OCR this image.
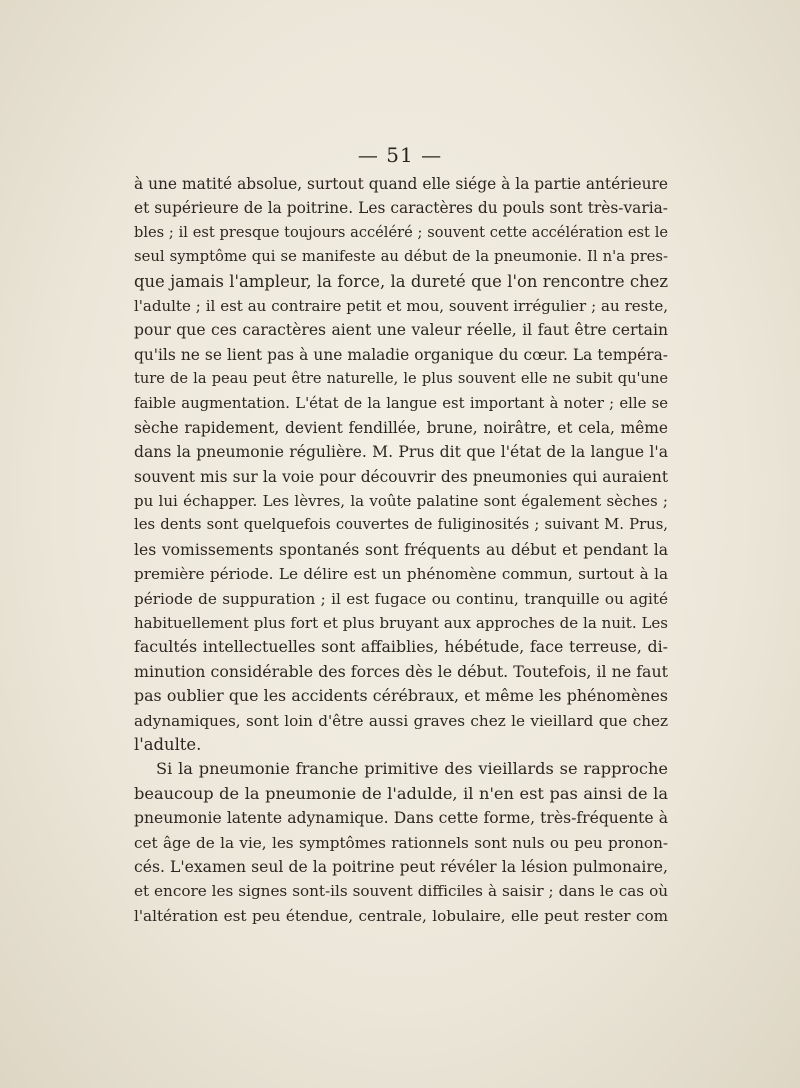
— 51 —
à une matité absolue, surtout quand elle siége à la partie antérieure
et supérieure de la poitrine. Les caractères du pouls sont très-varia-
bles ; il est presque toujours accéléré ; souvent cette accélération est le
seul symptôme qui se manifeste au début de la pneumonie. Il n'a pres-
que jamais l'ampleur, la force, la dureté que l'on rencontre chez
l'adulte ; il est au contraire petit et mou, souvent irrégulier ; au reste,
pour que ces caractères aient une valeur réelle, il faut être certain
qu'ils ne se lient pas à une maladie organique du cœur. La tempéra-
ture de la peau peut être naturelle, le plus souvent elle ne subit qu'une
faible augmentation. L'état de la langue est important à noter ; elle se
sèche rapidement, devient fendillée, brune, noirâtre, et cela, même
dans la pneumonie régulière. M. Prus dit que l'état de la langue l'a
souvent mis sur la voie pour découvrir des pneumonies qui auraient
pu lui échapper. Les lèvres, la voûte palatine sont également sèches ;
les dents sont quelquefois couvertes de fuliginosités ; suivant M. Prus,
les vomissements spontanés sont fréquents au début et pendant la
première période. Le délire est un phénomène commun, surtout à la
période de suppuration ; il est fugace ou continu, tranquille ou agité
habituellement plus fort et plus bruyant aux approches de la nuit. Les
facultés intellectuelles sont affaiblies, hébétude, face terreuse, di-
minution considérable des forces dès le début. Toutefois, il ne faut
pas oublier que les accidents cérébraux, et même les phénomènes
adynamiques, sont loin d'être aussi graves chez le vieillard que chez
l'adulte.
Si la pneumonie franche primitive des vieillards se rapproche
beaucoup de la pneumonie de l'adulde, il n'en est pas ainsi de la
pneumonie latente adynamique. Dans cette forme, très-fréquente à
cet âge de la vie, les symptômes rationnels sont nuls ou peu pronon-
cés. L'examen seul de la poitrine peut révéler la lésion pulmonaire,
et encore les signes sont-ils souvent difficiles à saisir ; dans le cas où
l'altération est peu étendue, centrale, lobulaire, elle peut rester com
